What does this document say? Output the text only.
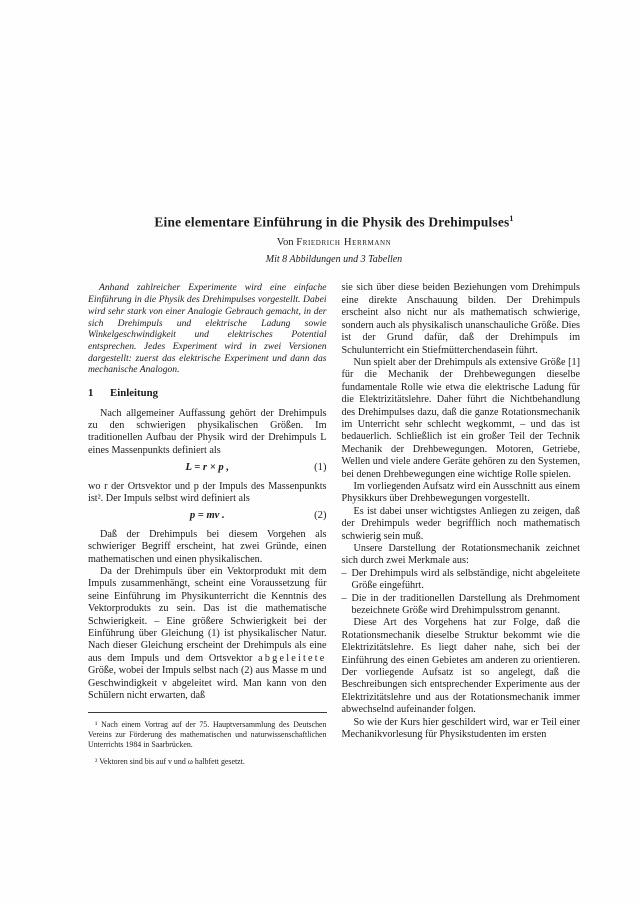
Eine elementare Einführung in die Physik des Drehimpulses$^1$
Von Friedrich Herrmann
Mit 8 Abbildungen und 3 Tabellen

Anhand zahlreicher Experimente wird eine einfache Einführung in die Physik des Drehimpulses vorgestellt. Dabei wird sehr stark von einer Analogie Gebrauch gemacht, in der sich Drehimpuls und elektrische Ladung sowie Winkelgeschwindigkeit und elektrisches Potential entsprechen. Jedes Experiment wird in zwei Versionen dargestellt: zuerst das elektrische Experiment und dann das mechanische Analogon.

1	Einleitung

Nach allgemeiner Auffassung gehört der Drehimpuls zu den schwierigen physikalischen Größen. Im traditionellen Aufbau der Physik wird der Drehimpuls L eines Massenpunkts definiert als

L = r × p ,	(1)

wo r der Ortsvektor und p der Impuls des Massenpunkts ist². Der Impuls selbst wird definiert als

p = mv .	(2)

Daß der Drehimpuls bei diesem Vorgehen als schwieriger Begriff erscheint, hat zwei Gründe, einen mathematischen und einen physikalischen.

Da der Drehimpuls über ein Vektorprodukt mit dem Impuls zusammenhängt, scheint eine Voraussetzung für seine Einführung im Physikunterricht die Kenntnis des Vektorprodukts zu sein. Das ist die mathematische Schwierigkeit. – Eine größere Schwierigkeit bei der Einführung über Gleichung (1) ist physikalischer Natur. Nach dieser Gleichung erscheint der Drehimpuls als eine aus dem Impuls und dem Ortsvektor abgeleitete Größe, wobei der Impuls selbst nach (2) aus Masse m und Geschwindigkeit v abgeleitet wird. Man kann von den Schülern nicht erwarten, daß

¹ Nach einem Vortrag auf der 75. Hauptversammlung des Deutschen Vereins zur Förderung des mathematischen und naturwissenschaftlichen Unterrichts 1984 in Saarbrücken.

² Vektoren sind bis auf v und ω halbfett gesetzt.

sie sich über diese beiden Beziehungen vom Drehimpuls eine direkte Anschauung bilden. Der Drehimpuls erscheint also nicht nur als mathematisch schwierige, sondern auch als physikalisch unanschauliche Größe. Dies ist der Grund dafür, daß der Drehimpuls im Schulunterricht ein Stiefmütterchendasein führt.

Nun spielt aber der Drehimpuls als extensive Größe [1] für die Mechanik der Drehbewegungen dieselbe fundamentale Rolle wie etwa die elektrische Ladung für die Elektrizitätslehre. Daher führt die Nichtbehandlung des Drehimpulses dazu, daß die ganze Rotationsmechanik im Unterricht sehr schlecht wegkommt, – und das ist bedauerlich. Schließlich ist ein großer Teil der Technik Mechanik der Drehbewegungen. Motoren, Getriebe, Wellen und viele andere Geräte gehören zu den Systemen, bei denen Drehbewegungen eine wichtige Rolle spielen.

Im vorliegenden Aufsatz wird ein Ausschnitt aus einem Physikkurs über Drehbewegungen vorgestellt.

Es ist dabei unser wichtigstes Anliegen zu zeigen, daß der Drehimpuls weder begrifflich noch mathematisch schwierig sein muß.

Unsere Darstellung der Rotationsmechanik zeichnet sich durch zwei Merkmale aus:

– Der Drehimpuls wird als selbständige, nicht abgeleitete Größe eingeführt.
– Die in der traditionellen Darstellung als Drehmoment bezeichnete Größe wird Drehimpulsstrom genannt.

Diese Art des Vorgehens hat zur Folge, daß die Rotationsmechanik dieselbe Struktur bekommt wie die Elektrizitätslehre. Es liegt daher nahe, sich bei der Einführung des einen Gebietes am anderen zu orientieren. Der vorliegende Aufsatz ist so angelegt, daß die Beschreibungen sich entsprechender Experimente aus der Elektrizitätslehre und aus der Rotationsmechanik immer abwechselnd aufeinander folgen.

So wie der Kurs hier geschildert wird, war er Teil einer Mechanikvorlesung für Physikstudenten im ersten
